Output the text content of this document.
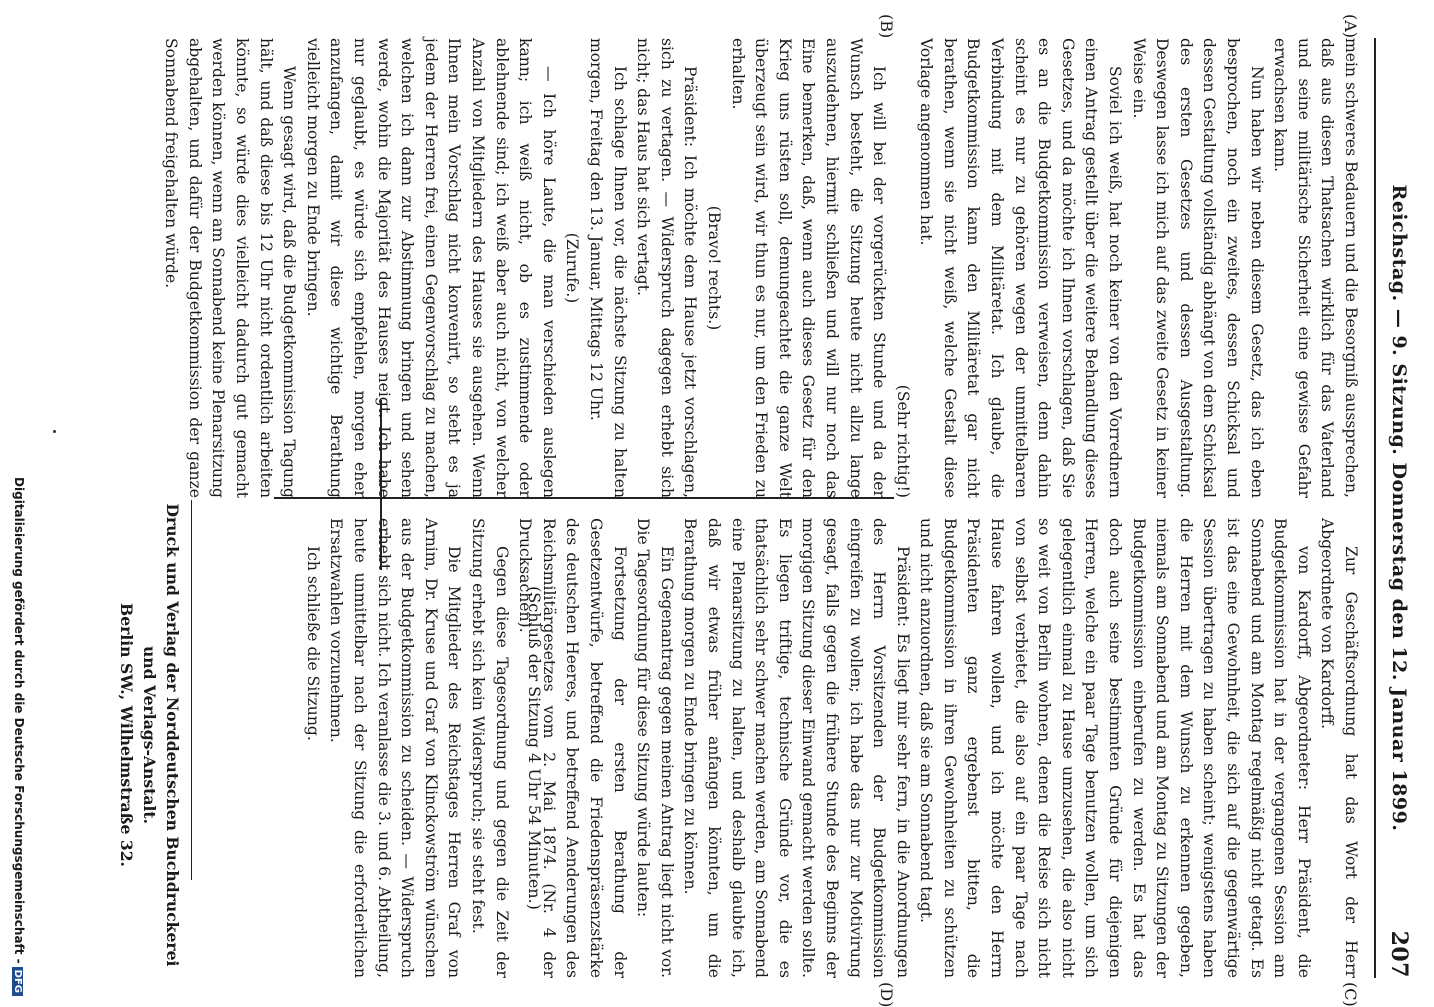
Reichstag. — 9. Sitzung. Donnerstag den 12. Januar 1899.
207
(A)
(B)
(C)
(D)

mein schweres Bedauern und die Besorgniß aussprechen, daß aus diesen Thatsachen wirklich für das Vaterland und seine militärische Sicherheit eine gewisse Gefahr erwachsen kann.

Nun haben wir neben diesem Gesetz, das ich eben besprochen, noch ein zweites, dessen Schicksal und dessen Gestaltung vollständig abhängt von dem Schicksal des ersten Gesetzes und dessen Ausgestaltung. Deswegen lasse ich mich auf das zweite Gesetz in keiner Weise ein.

Soviel ich weiß, hat noch keiner von den Vorrednern einen Antrag gestellt über die weitere Behandlung dieses Gesetzes, und da möchte ich Ihnen vorschlagen, daß Sie es an die Budgetkommission verweisen, denn dahin scheint es nur zu gehören wegen der unmittelbaren Verbindung mit dem Militäretat. Ich glaube, die Budgetkommission kann den Militäretat gar nicht berathen, wenn sie nicht weiß, welche Gestalt diese Vorlage angenommen hat.

(Sehr richtig!)

Ich will bei der vorgerückten Stunde und da der Wunsch besteht, die Sitzung heute nicht allzu lange auszudehnen, hiermit schließen und will nur noch das Eine bemerken, daß, wenn auch dieses Gesetz für den Krieg uns rüsten soll, demungeachtet die ganze Welt überzeugt sein wird, wir thun es nur, um den Frieden zu erhalten.

(Bravo! rechts.)

Präsident: Ich möchte dem Hause jetzt vorschlagen, sich zu vertagen. — Widerspruch dagegen erhebt sich nicht; das Haus hat sich vertagt.

Ich schlage Ihnen vor, die nächste Sitzung zu halten morgen, Freitag den 13. Januar, Mittags 12 Uhr.

(Zurufe.)

— Ich höre Laute, die man verschieden auslegen kann; ich weiß nicht, ob es zustimmende oder ablehnende sind; ich weiß aber auch nicht, von welcher Anzahl von Mitgliedern des Hauses sie ausgehen. Wenn Ihnen mein Vorschlag nicht konvenirt, so steht es ja jedem der Herren frei, einen Gegenvorschlag zu machen, welchen ich dann zur Abstimmung bringen und sehen werde, wohin die Majorität des Hauses neigt. Ich habe nur geglaubt, es würde sich empfehlen, morgen eher anzufangen, damit wir diese wichtige Berathung vielleicht morgen zu Ende bringen.

Wenn gesagt wird, daß die Budgetkommission Tagung hält, und daß diese bis 12 Uhr nicht ordentlich arbeiten könnte, so würde dies vielleicht dadurch gut gemacht werden können, wenn am Sonnabend keine Plenarsitzung abgehalten, und dafür der Budgetkommission der ganze Sonnabend freigehalten würde.

Zur Geschäftsordnung hat das Wort der Herr Abgeordnete von Kardorff.

von Kardorff, Abgeordneter: Herr Präsident, die Budgetkommission hat in der vergangenen Session am Sonnabend und am Montag regelmäßig nicht getagt. Es ist das eine Gewohnheit, die sich auf die gegenwärtige Session übertragen zu haben scheint; wenigstens haben die Herren mit dem Wunsch zu erkennen gegeben, niemals am Sonnabend und am Montag zu Sitzungen der Budgetkommission einberufen zu werden. Es hat das doch auch seine bestimmten Gründe für diejenigen Herren, welche ein paar Tage benutzen wollen, um sich gelegentlich einmal zu Hause umzusehen, die also nicht so weit von Berlin wohnen, denen die Reise sich nicht von selbst verbietet, die also auf ein paar Tage nach Hause fahren wollen, und ich möchte den Herrn Präsidenten ganz ergebenst bitten, die Budgetkommission in ihren Gewohnheiten zu schützen und nicht anzuordnen, daß sie am Sonnabend tagt.

Präsident: Es liegt mir sehr fern, in die Anordnungen des Herrn Vorsitzenden der Budgetkommission eingreifen zu wollen; ich habe das nur zur Motivirung gesagt, falls gegen die frühere Stunde des Beginns der morgigen Sitzung dieser Einwand gemacht werden sollte. Es liegen triftige, technische Gründe vor, die es thatsächlich sehr schwer machen werden, am Sonnabend eine Plenarsitzung zu halten, und deshalb glaubte ich, daß wir etwas früher anfangen könnten, um die Berathung morgen zu Ende bringen zu können.

Ein Gegenantrag gegen meinen Antrag liegt nicht vor. Die Tagesordnung für diese Sitzung würde lauten:

Fortsetzung der ersten Berathung der Gesetzentwürfe, betreffend die Friedenspräsenzstärke des deutschen Heeres, und betreffend Aenderungen des Reichsmilitärgesetzes vom 2. Mai 1874. (Nr. 4 der Drucksachen).

Gegen diese Tagesordnung und gegen die Zeit der Sitzung erhebt sich kein Widerspruch; sie steht fest.

Die Mitglieder des Reichstages Herren Graf von Arnim, Dr. Kruse und Graf von Klinckowström wünschen aus der Budgetkommission zu scheiden. — Widerspruch erhebt sich nicht. Ich veranlasse die 3. und 6. Abtheilung, heute unmittelbar nach der Sitzung die erforderlichen Ersatzwahlen vorzunehmen.

Ich schließe die Sitzung.	(Schluß der Sitzung 4 Uhr 54 Minuten.)
Druck und Verlag der Norddeutschen Buchdruckerei und Verlags-Anstalt.
Berlin SW., Wilhelmstraße 32.
Digitalisierung gefördert durch die Deutsche Forschungsgemeinschaft -DFG
